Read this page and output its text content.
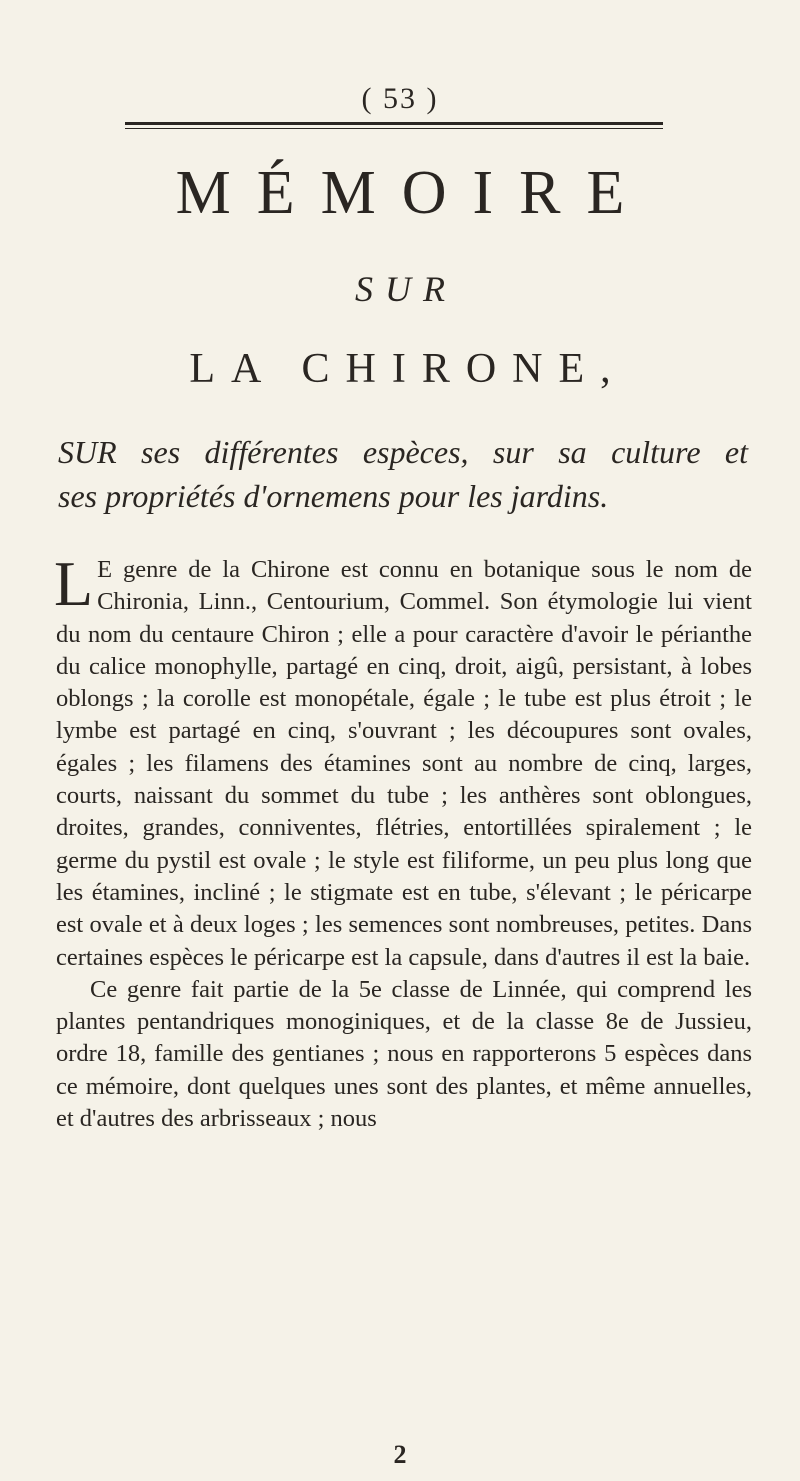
( 53 )
MÉMOIRE
SUR
LA CHIRONE,
SUR ses différentes espèces, sur sa culture et
ses propriétés d'ornemens pour les jardins.

L E genre de la Chirone est connu en botanique sous le nom de Chironia, Linn., Centourium, Commel. Son étymologie lui vient du nom du centaure Chiron ; elle a pour caractère d'avoir le périanthe du calice monophylle, partagé en cinq, droit, aigû, persistant, à lobes oblongs ; la corolle est monopétale, égale ; le tube est plus étroit ; le lymbe est partagé en cinq, s'ouvrant ; les découpures sont ovales, égales ; les filamens des étamines sont au nombre de cinq, larges, courts, naissant du sommet du tube ; les anthères sont oblongues, droites, grandes, conniventes, flétries, entortillées spiralement ; le germe du pystil est ovale ; le style est filiforme, un peu plus long que les étamines, incliné ; le stigmate est en tube, s'élevant ; le péricarpe est ovale et à deux loges ; les semences sont nombreuses, petites. Dans certaines espèces le péricarpe est la capsule, dans d'autres il est la baie.

Ce genre fait partie de la 5e classe de Linnée, qui comprend les plantes pentandriques monoginiques, et de la classe 8e de Jussieu, ordre 18, famille des gentianes ; nous en rapporterons 5 espèces dans ce mémoire, dont quelques unes sont des plantes, et même annuelles, et d'autres des arbrisseaux ; nous

2
